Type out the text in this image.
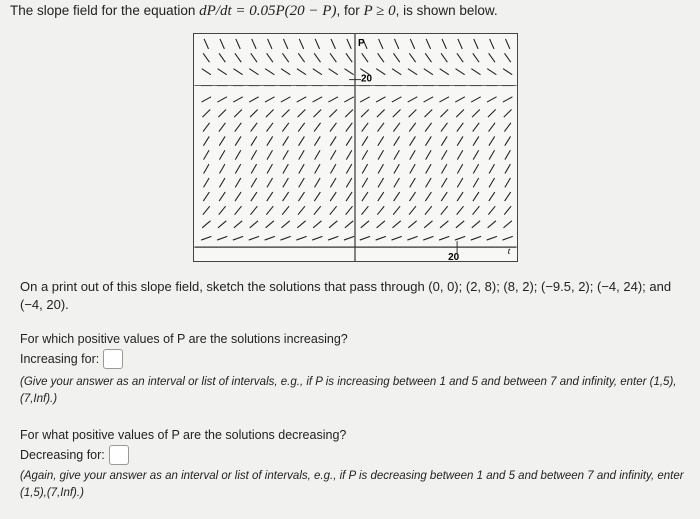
The slope field for the equation dP/dt = 0.05P(20 − P), for P ≥ 0, is shown below.
P
20
20
t
On a print out of this slope field, sketch the solutions that pass through (0, 0); (2, 8); (8, 2); (−9.5, 2); (−4, 24); and
(−4, 20).
For which positive values of P are the solutions increasing?
Increasing for:
(Give your answer as an interval or list of intervals, e.g., if P is increasing between 1 and 5 and between 7 and infinity, enter (1,5),(7,Inf).)
For what positive values of P are the solutions decreasing?
Decreasing for:
(Again, give your answer as an interval or list of intervals, e.g., if P is decreasing between 1 and 5 and between 7 and infinity, enter (1,5),(7,Inf).)
